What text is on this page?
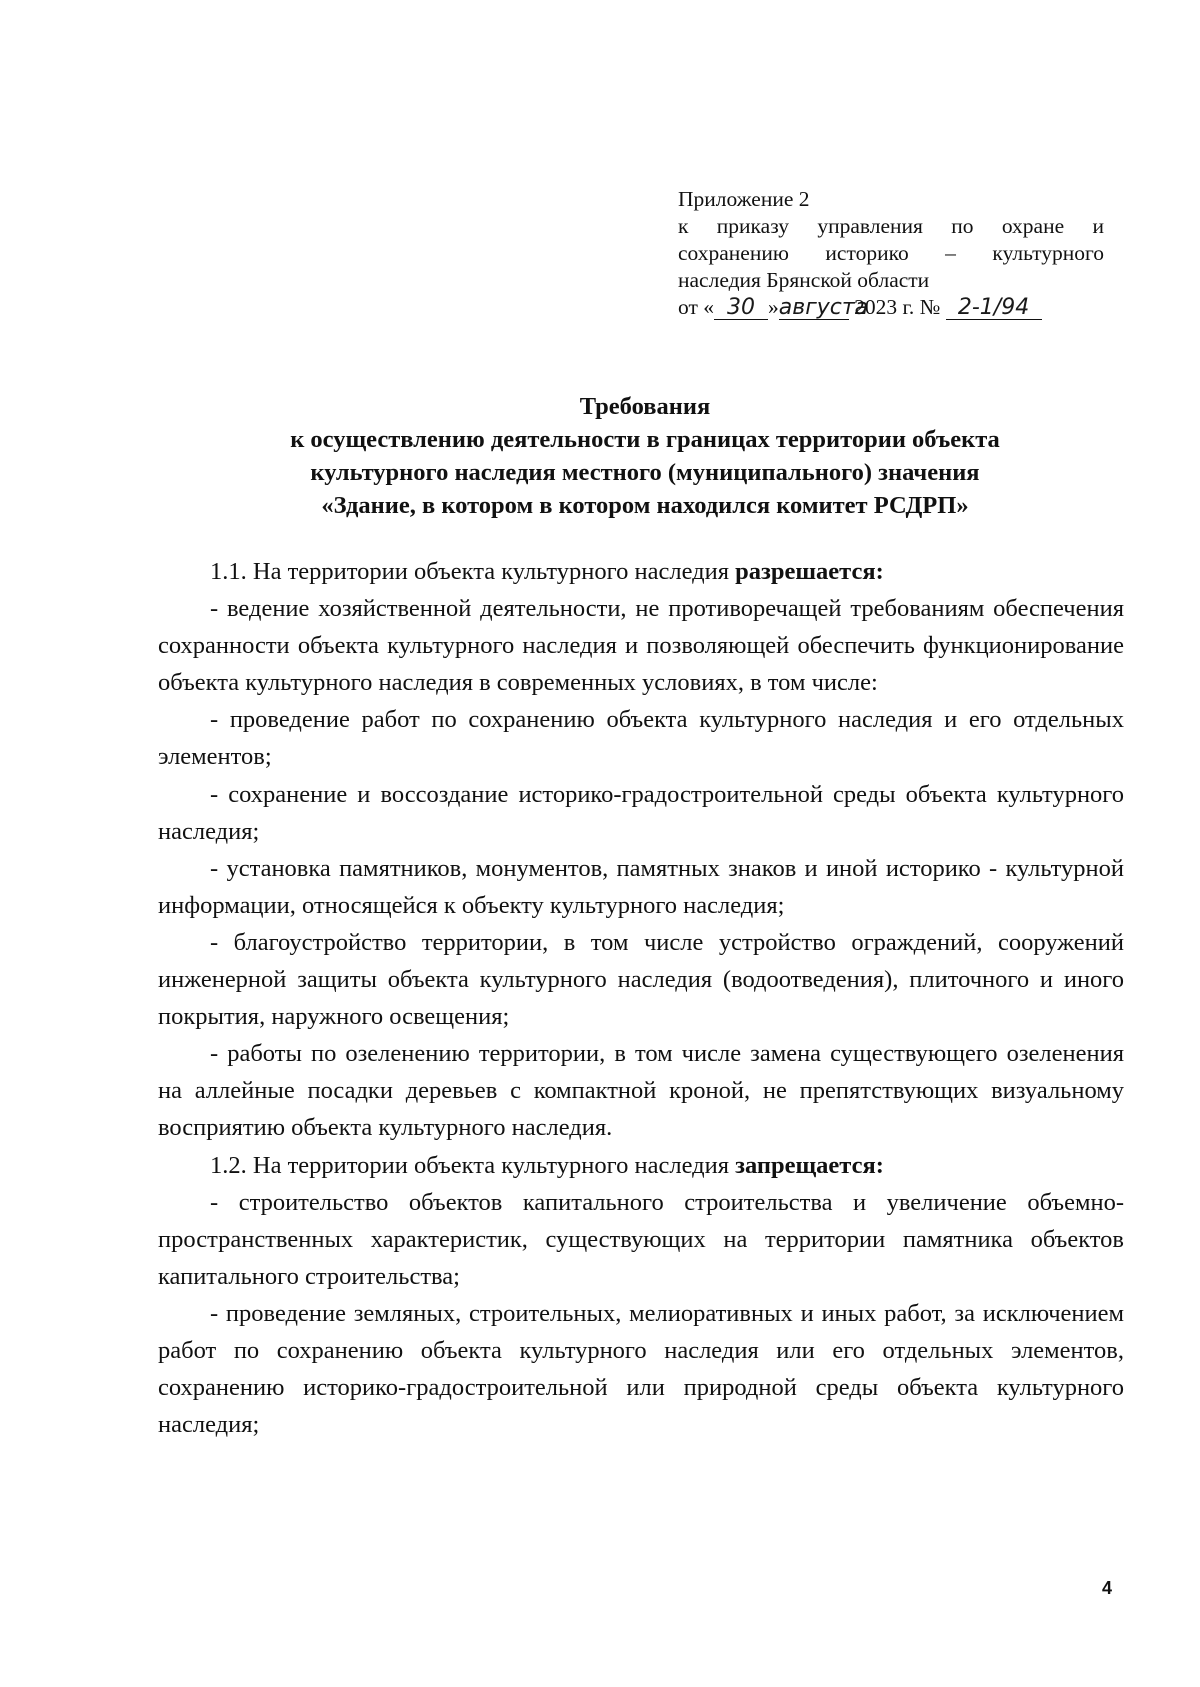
Приложение 2
к приказу управления по охране и
сохранению историко – культурного
наследия Брянской области
от « 30 » августа
2023 г. № 2-1/94
Требования
к осуществлению деятельности в границах территории объекта
культурного наследия местного (муниципального) значения
«Здание, в котором в котором находился комитет РСДРП»

1.1. На территории объекта культурного наследия разрешается:

- ведение хозяйственной деятельности, не противоречащей требованиям обеспечения сохранности объекта культурного наследия и позволяющей обеспечить функционирование объекта культурного наследия в современных условиях, в том числе:

- проведение работ по сохранению объекта культурного наследия и его отдельных элементов;

- сохранение и воссоздание историко-градостроительной среды объекта культурного наследия;

- установка памятников, монументов, памятных знаков и иной историко - культурной информации, относящейся к объекту культурного наследия;

- благоустройство территории, в том числе устройство ограждений, сооружений инженерной защиты объекта культурного наследия (водоотведения), плиточного и иного покрытия, наружного освещения;

- работы по озеленению территории, в том числе замена существующего озеленения на аллейные посадки деревьев с компактной кроной, не препятствующих визуальному восприятию объекта культурного наследия.

1.2. На территории объекта культурного наследия запрещается:

- строительство объектов капитального строительства и увеличение объемно-пространственных характеристик, существующих на территории памятника объектов капитального строительства;

- проведение земляных, строительных, мелиоративных и иных работ, за исключением работ по сохранению объекта культурного наследия или его отдельных элементов, сохранению историко-градостроительной или природной среды объекта культурного наследия;

4
